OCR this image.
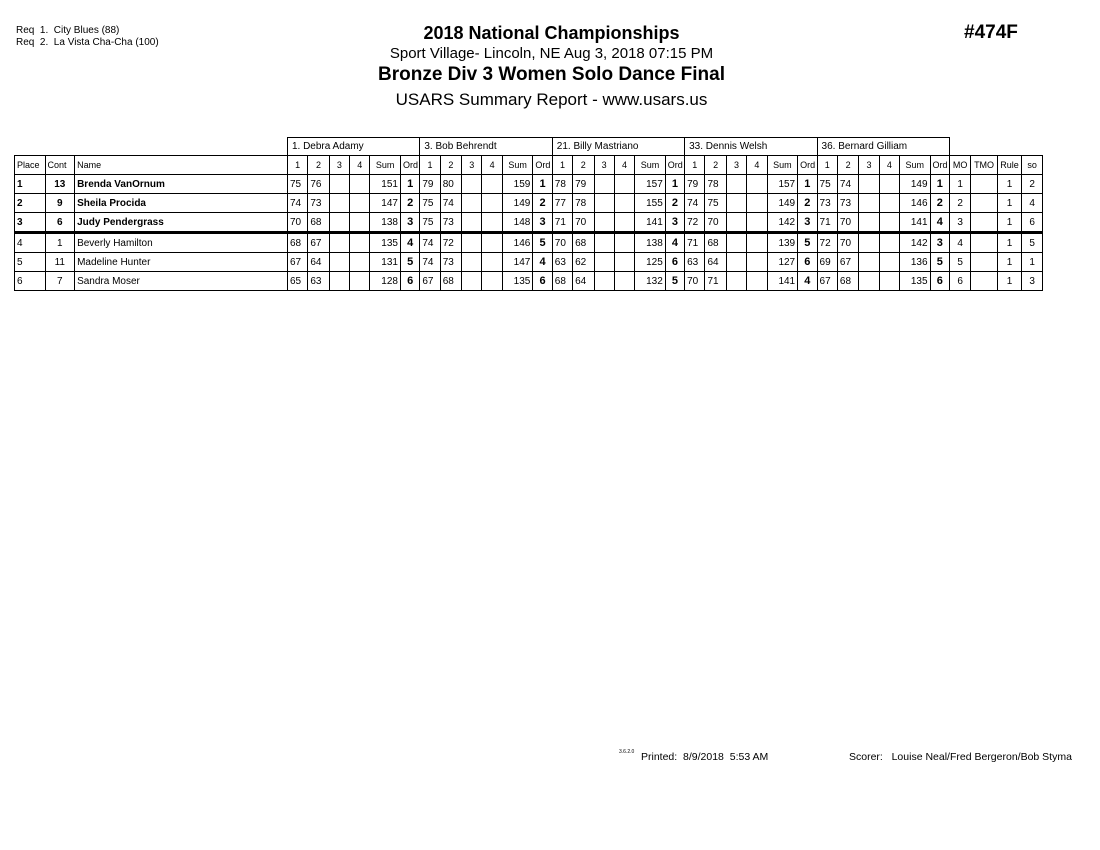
Req  1.  City Blues (88)
Req  2.  La Vista Cha-Cha (100)	2018 National Championships
Sport Village- Lincoln, NE Aug 3, 2018 07:15 PM
Bronze Div 3 Women Solo Dance Final
USARS Summary Report - www.usars.us
#474F
			1. Debra Adamy						3. Bob Behrendt						21. Billy Mastriano						33. Dennis Welsh						36. Bernard Gilliam									
Place	Cont	Name	1	2	3	4	Sum	Ord	1	2	3	4	Sum	Ord	1	2	3	4	Sum	Ord	1	2	3	4	Sum	Ord	1	2	3	4	Sum	Ord	MO	TMO	Rule	so
1	13	Brenda VanOrnum	75	76			151	1	79	80			159	1	78	79			157	1	79	78			157	1	75	74			149	1	1		1	2
2	9	Sheila Procida	74	73			147	2	75	74			149	2	77	78			155	2	74	75			149	2	73	73			146	2	2		1	4
3	6	Judy Pendergrass	70	68			138	3	75	73			148	3	71	70			141	3	72	70			142	3	71	70			141	4	3		1	6
4	1	Beverly Hamilton	68	67			135	4	74	72			146	5	70	68			138	4	71	68			139	5	72	70			142	3	4		1	5
5	11	Madeline Hunter	67	64			131	5	74	73			147	4	63	62			125	6	63	64			127	6	69	67			136	5	5		1	1
6	7	Sandra Moser	65	63			128	6	67	68			135	6	68	64			132	5	70	71			141	4	67	68			135	6	6		1	3
3.6.2.0 Printed:  8/9/2018  5:53 AM	Scorer:   Louise Neal/Fred Bergeron/Bob Styma
